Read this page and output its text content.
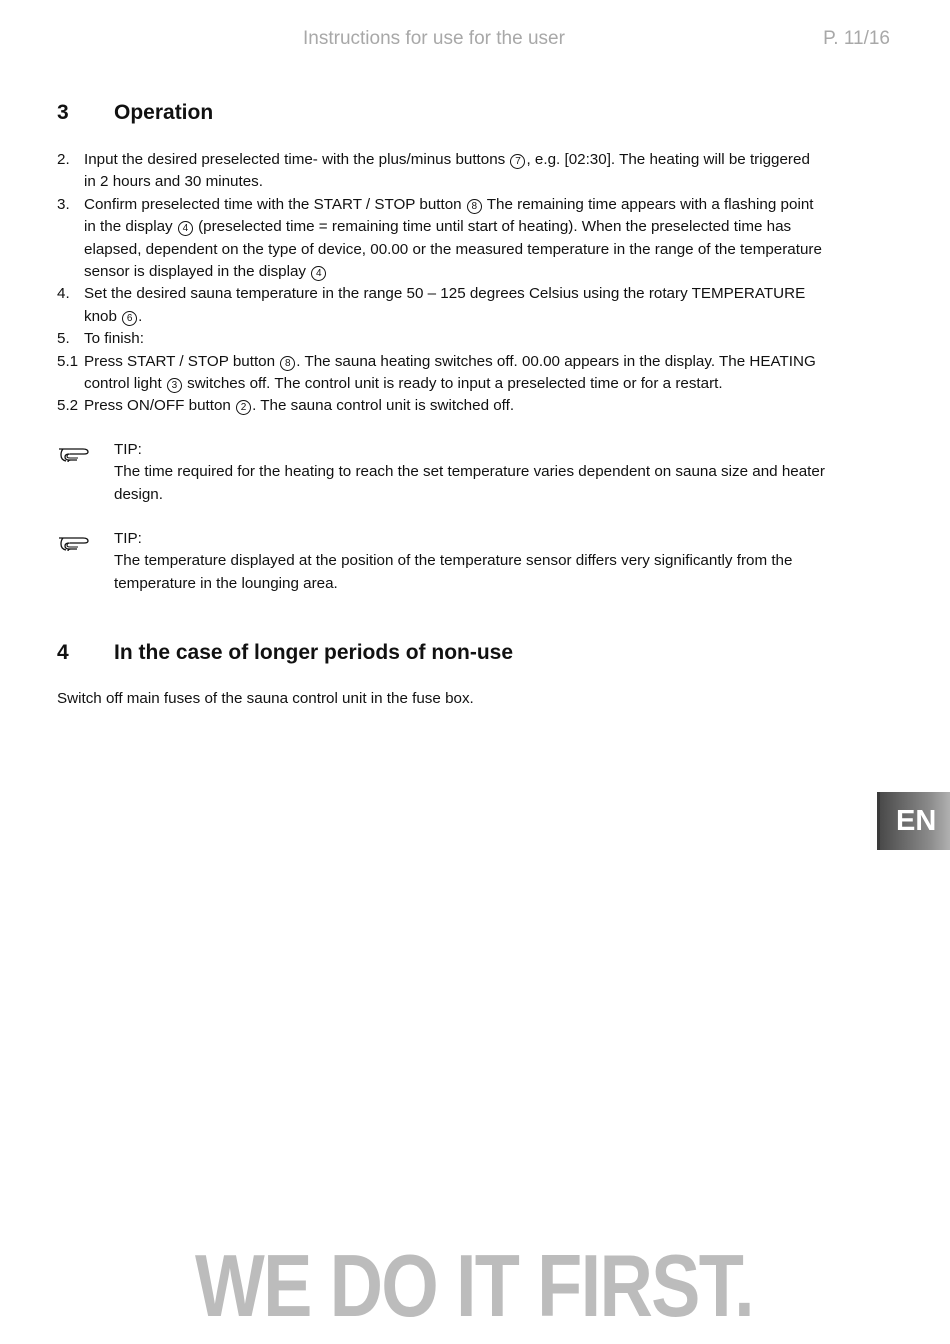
Instructions for use for the user	P. 11/16
3 Operation
2. Input the desired preselected time- with the plus/minus buttons 7 , e.g. [02:30]. The heating will be triggered
in 2 hours and 30 minutes.
3. Confirm preselected time with the START / STOP button 8 The remaining time appears with a flashing point
in the display 4 (preselected time = remaining time until start of heating). When the preselected time has
elapsed, dependent on the type of device, 00.00 or the measured temperature in the range of the temperature
sensor is displayed in the display 4
4. Set the desired sauna temperature in the range 50 – 125 degrees Celsius using the rotary TEMPERATURE
knob 6 .
5. To finish:
5.1 Press START / STOP button 8 . The sauna heating switches off. 00.00 appears in the display. The HEATING
control light 3 switches off. The control unit is ready to input a preselected time or for a restart.
5.2 Press ON/OFF button 2 . The sauna control unit is switched off.
TIP:
The time required for the heating to reach the set temperature varies dependent on sauna size and heater
design.
TIP:
The temperature displayed at the position of the temperature sensor differs very significantly from the
temperature in the lounging area.
4 In the case of longer periods of non-use
Switch off main fuses of the sauna control unit in the fuse box.
EN
WE DO IT FIRST.
